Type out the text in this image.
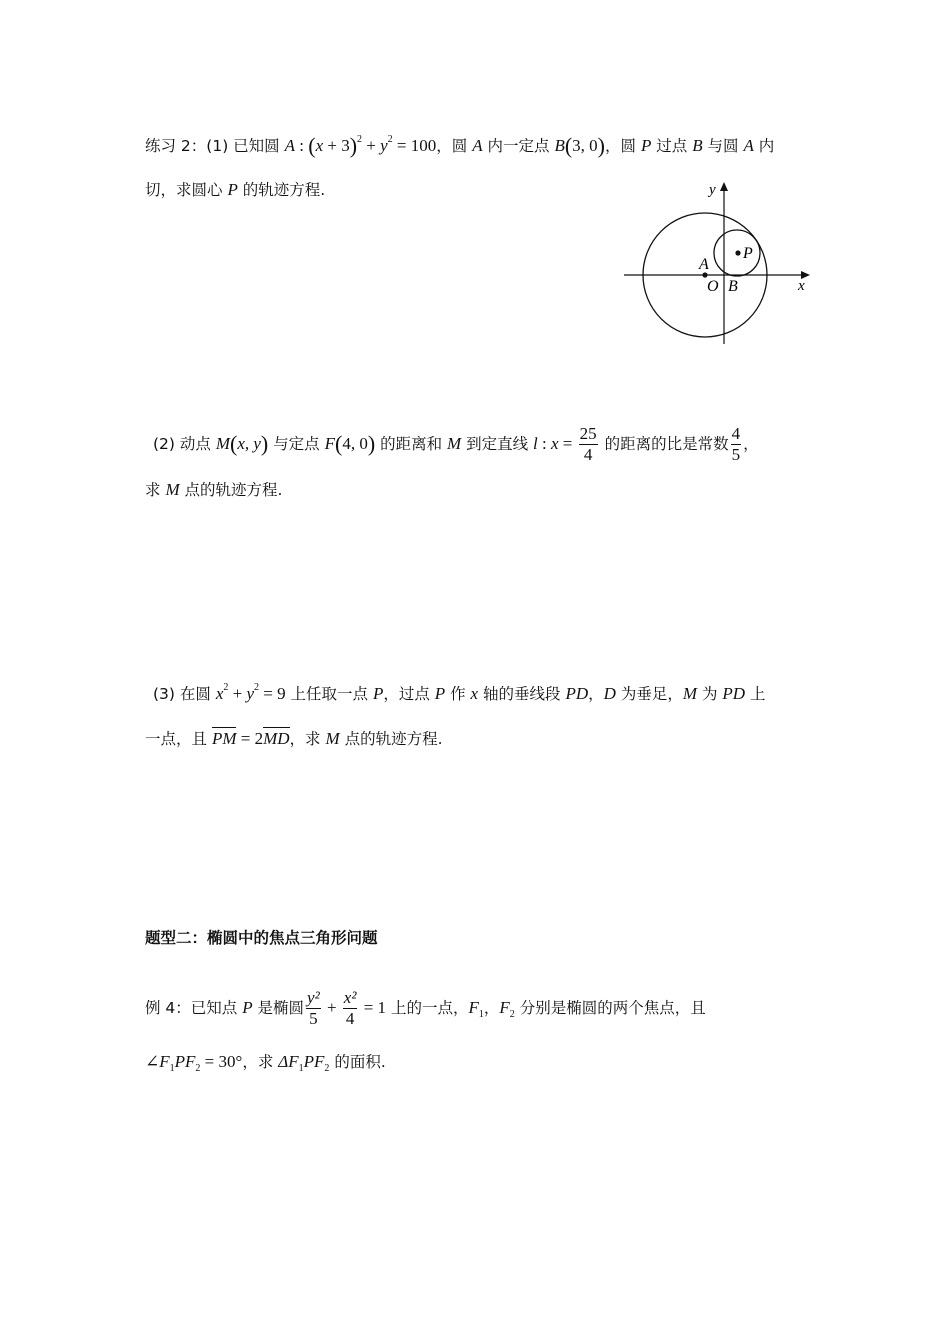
练习 2：(1) 已知圆 A : $(x + 3)^2 + y^2 = 100$，圆 A 内一定点 B(3, 0)，圆 P 过点 B 与圆 A 内
切，求圆心 P 的轨迹方程.	y
x
P
A
O B
(2) 动点 M(x, y) 与定点 F(4, 0) 的距离和 M 到定直线 l : $x = \frac{25}{4}$ 的距离的比是常数 $\frac{4}{5}$ ，
求 M 点的轨迹方程.
(3) 在圆 $x^2 + y^2 = 9$ 上任取一点 P，过点 P 作 x 轴的垂线段 PD，D 为垂足，M 为 PD 上
一点，且 PM = 2MD，求 M 点的轨迹方程.
题型二：椭圆中的焦点三角形问题
例 4：已知点 P 是椭圆 $\frac{\text{y²}}{5} + \frac{\text{x²}}{4} = 1$ 上的一点，$F_1$，$F_2$ 分别是椭圆的两个焦点，且
$\angle F_1PF_2 = 30^\circ$，求 $\Delta F_1PF_2$ 的面积.
